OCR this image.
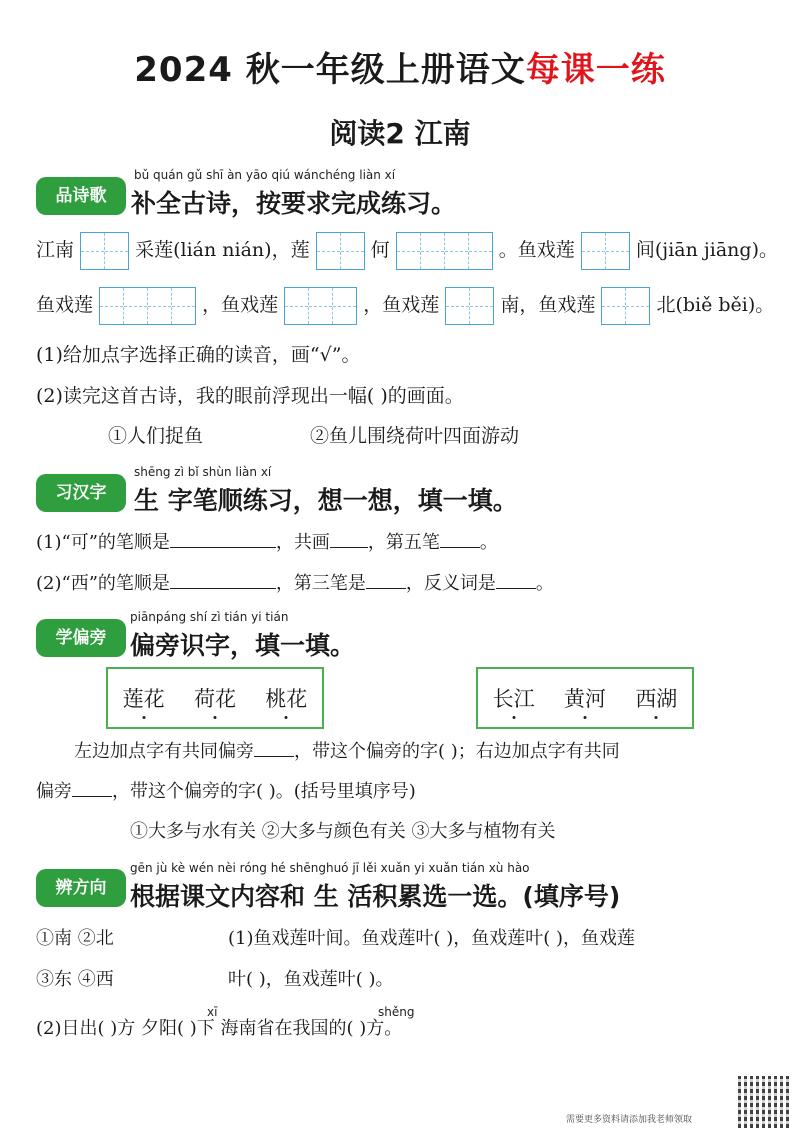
2024 秋一年级上册语文每课一练
阅读2 江南
品诗歌
bǔ quán gǔ shī àn yāo qiú wánchéng liàn xí
补全古诗，按要求完成练习。
江南	采莲(lián nián)，莲	何	。鱼戏莲	间(jiān jiāng)。
鱼戏莲	，鱼戏莲	，鱼戏莲	南，鱼戏莲	北(biě běi)。
(1)给加点字选择正确的读音，画“√”。
(2)读完这首古诗，我的眼前浮现出一幅( )的画面。
①人们捉鱼	②鱼儿围绕荷叶四面游动
习汉字
shēng zì bǐ shùn liàn xí
生 字笔顺练习，想一想，填一填。
(1)“可”的笔顺是	，共画 ，第五笔 。
(2)“西”的笔顺是	，第三笔是 ，反义词是 。
学偏旁
piānpáng shí zì tián yi tián
偏旁识字，填一填。
莲花 荷花 桃花	长江 黄河 西湖
左边加点字有共同偏旁 ，带这个偏旁的字( )；右边加点字有共同
偏旁 ，带这个偏旁的字( )。(括号里填序号)
①大多与水有关 ②大多与颜色有关 ③大多与植物有关
辨方向
gēn jù kè wén nèi róng hé shēnghuó jī lěi xuǎn yi xuǎn tián xù hào
根据课文内容和 生 活积累选一选。(填序号)
①南 ②北
③东 ④西
(1)鱼戏莲叶间。鱼戏莲叶( )，鱼戏莲叶( )，鱼戏莲
叶( )，鱼戏莲叶( )。
xī	shěng
(2)日出( )方 夕阳( )下 海南省在我国的( )方。
需要更多资料请添加我老师领取
